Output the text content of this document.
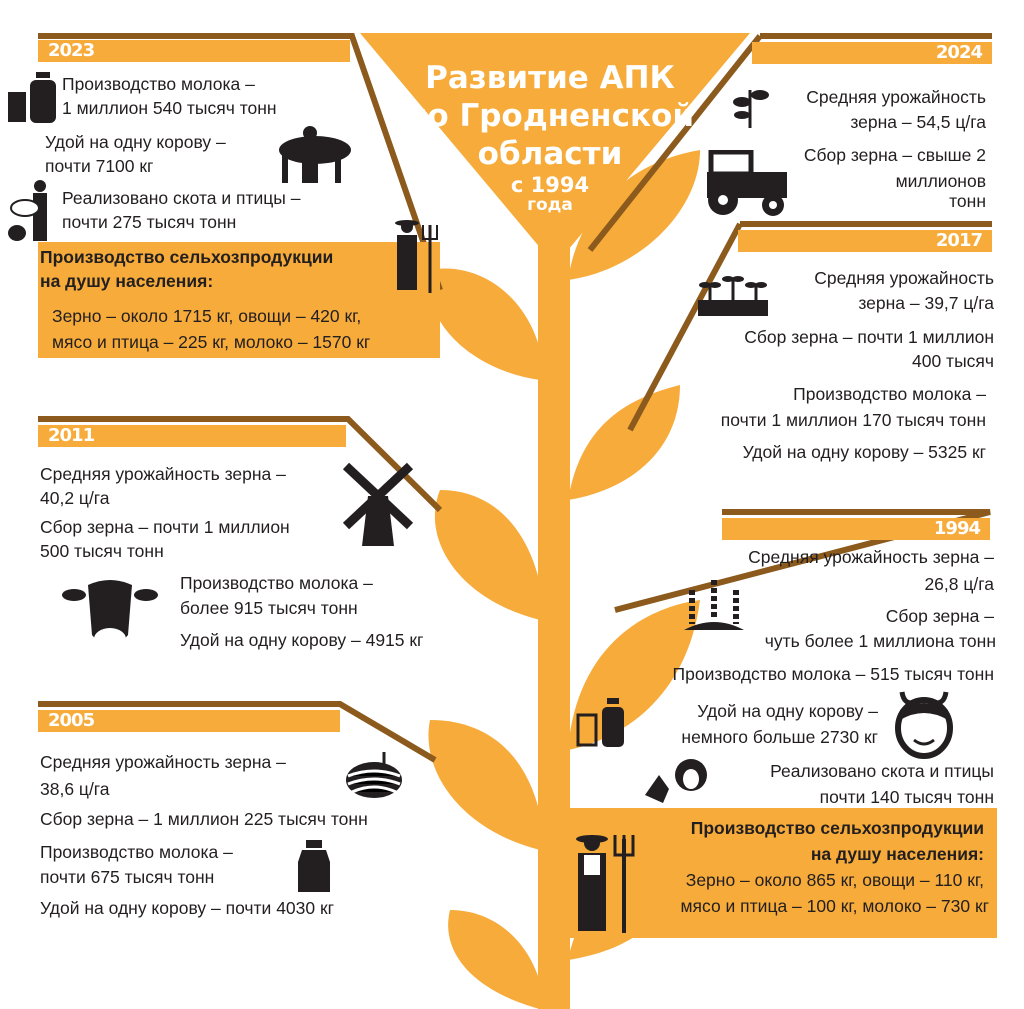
Развитие АПК
по Гродненской
области
с 1994
года
2023
Производство молока –
1 миллион 540 тысяч тонн
Удой на одну корову –
почти 7100 кг
Реализовано скота и птицы –
почти 275 тысяч тонн
Производство сельхозпродукции
на душу населения:
Зерно – около 1715 кг, овощи – 420 кг,
мясо и птица – 225 кг, молоко – 1570 кг
2024
Средняя урожайность
зерна – 54,5 ц/га
Сбор зерна – свыше 2
миллионов
тонн
2017
Средняя урожайность
зерна – 39,7 ц/га
Сбор зерна – почти 1 миллион
400 тысяч
Производство молока –
почти 1 миллион 170 тысяч тонн
Удой на одну корову – 5325 кг
2011
Средняя урожайность зерна –
40,2 ц/га
Сбор зерна – почти 1 миллион
500 тысяч тонн
Производство молока –
более 915 тысяч тонн
Удой на одну корову – 4915 кг
1994
Средняя урожайность зерна –
26,8 ц/га
Сбор зерна –
чуть более 1 миллиона тонн
Производство молока – 515 тысяч тонн
Удой на одну корову –
немного больше 2730 кг
Реализовано скота и птицы
почти 140 тысяч тонн
Производство сельхозпродукции
на душу населения:
Зерно – около 865 кг, овощи – 110 кг,
мясо и птица – 100 кг, молоко – 730 кг
2005
Средняя урожайность зерна –
38,6 ц/га
Сбор зерна – 1 миллион 225 тысяч тонн
Производство молока –
почти 675 тысяч тонн
Удой на одну корову – почти 4030 кг
